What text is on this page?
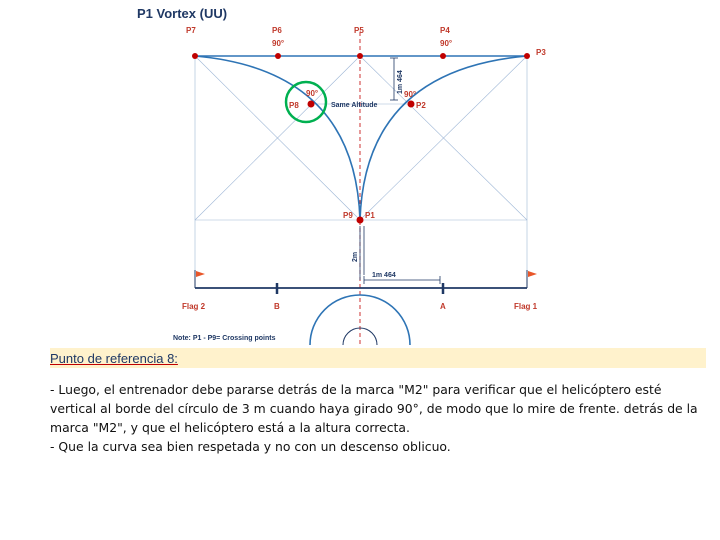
P1 Vortex (UU)
1m 464
2m
1m 464
P7	P6	P5	P4
P3
90°	90°
P8
90°
P2
90°
Same Altitude
P9 P1
Flag 2	Flag 1
B	A
Note: P1 - P9= Crossing points
Punto de referencia 8:

- Luego, el entrenador debe pararse detrás de la marca "M2" para verificar que el helicóptero esté vertical al borde del círculo de 3 m cuando haya girado 90°, de modo que lo mire de frente. detrás de la marca "M2", y que el helicóptero está a la altura correcta.

- Que la curva sea bien respetada y no con un descenso oblicuo.
